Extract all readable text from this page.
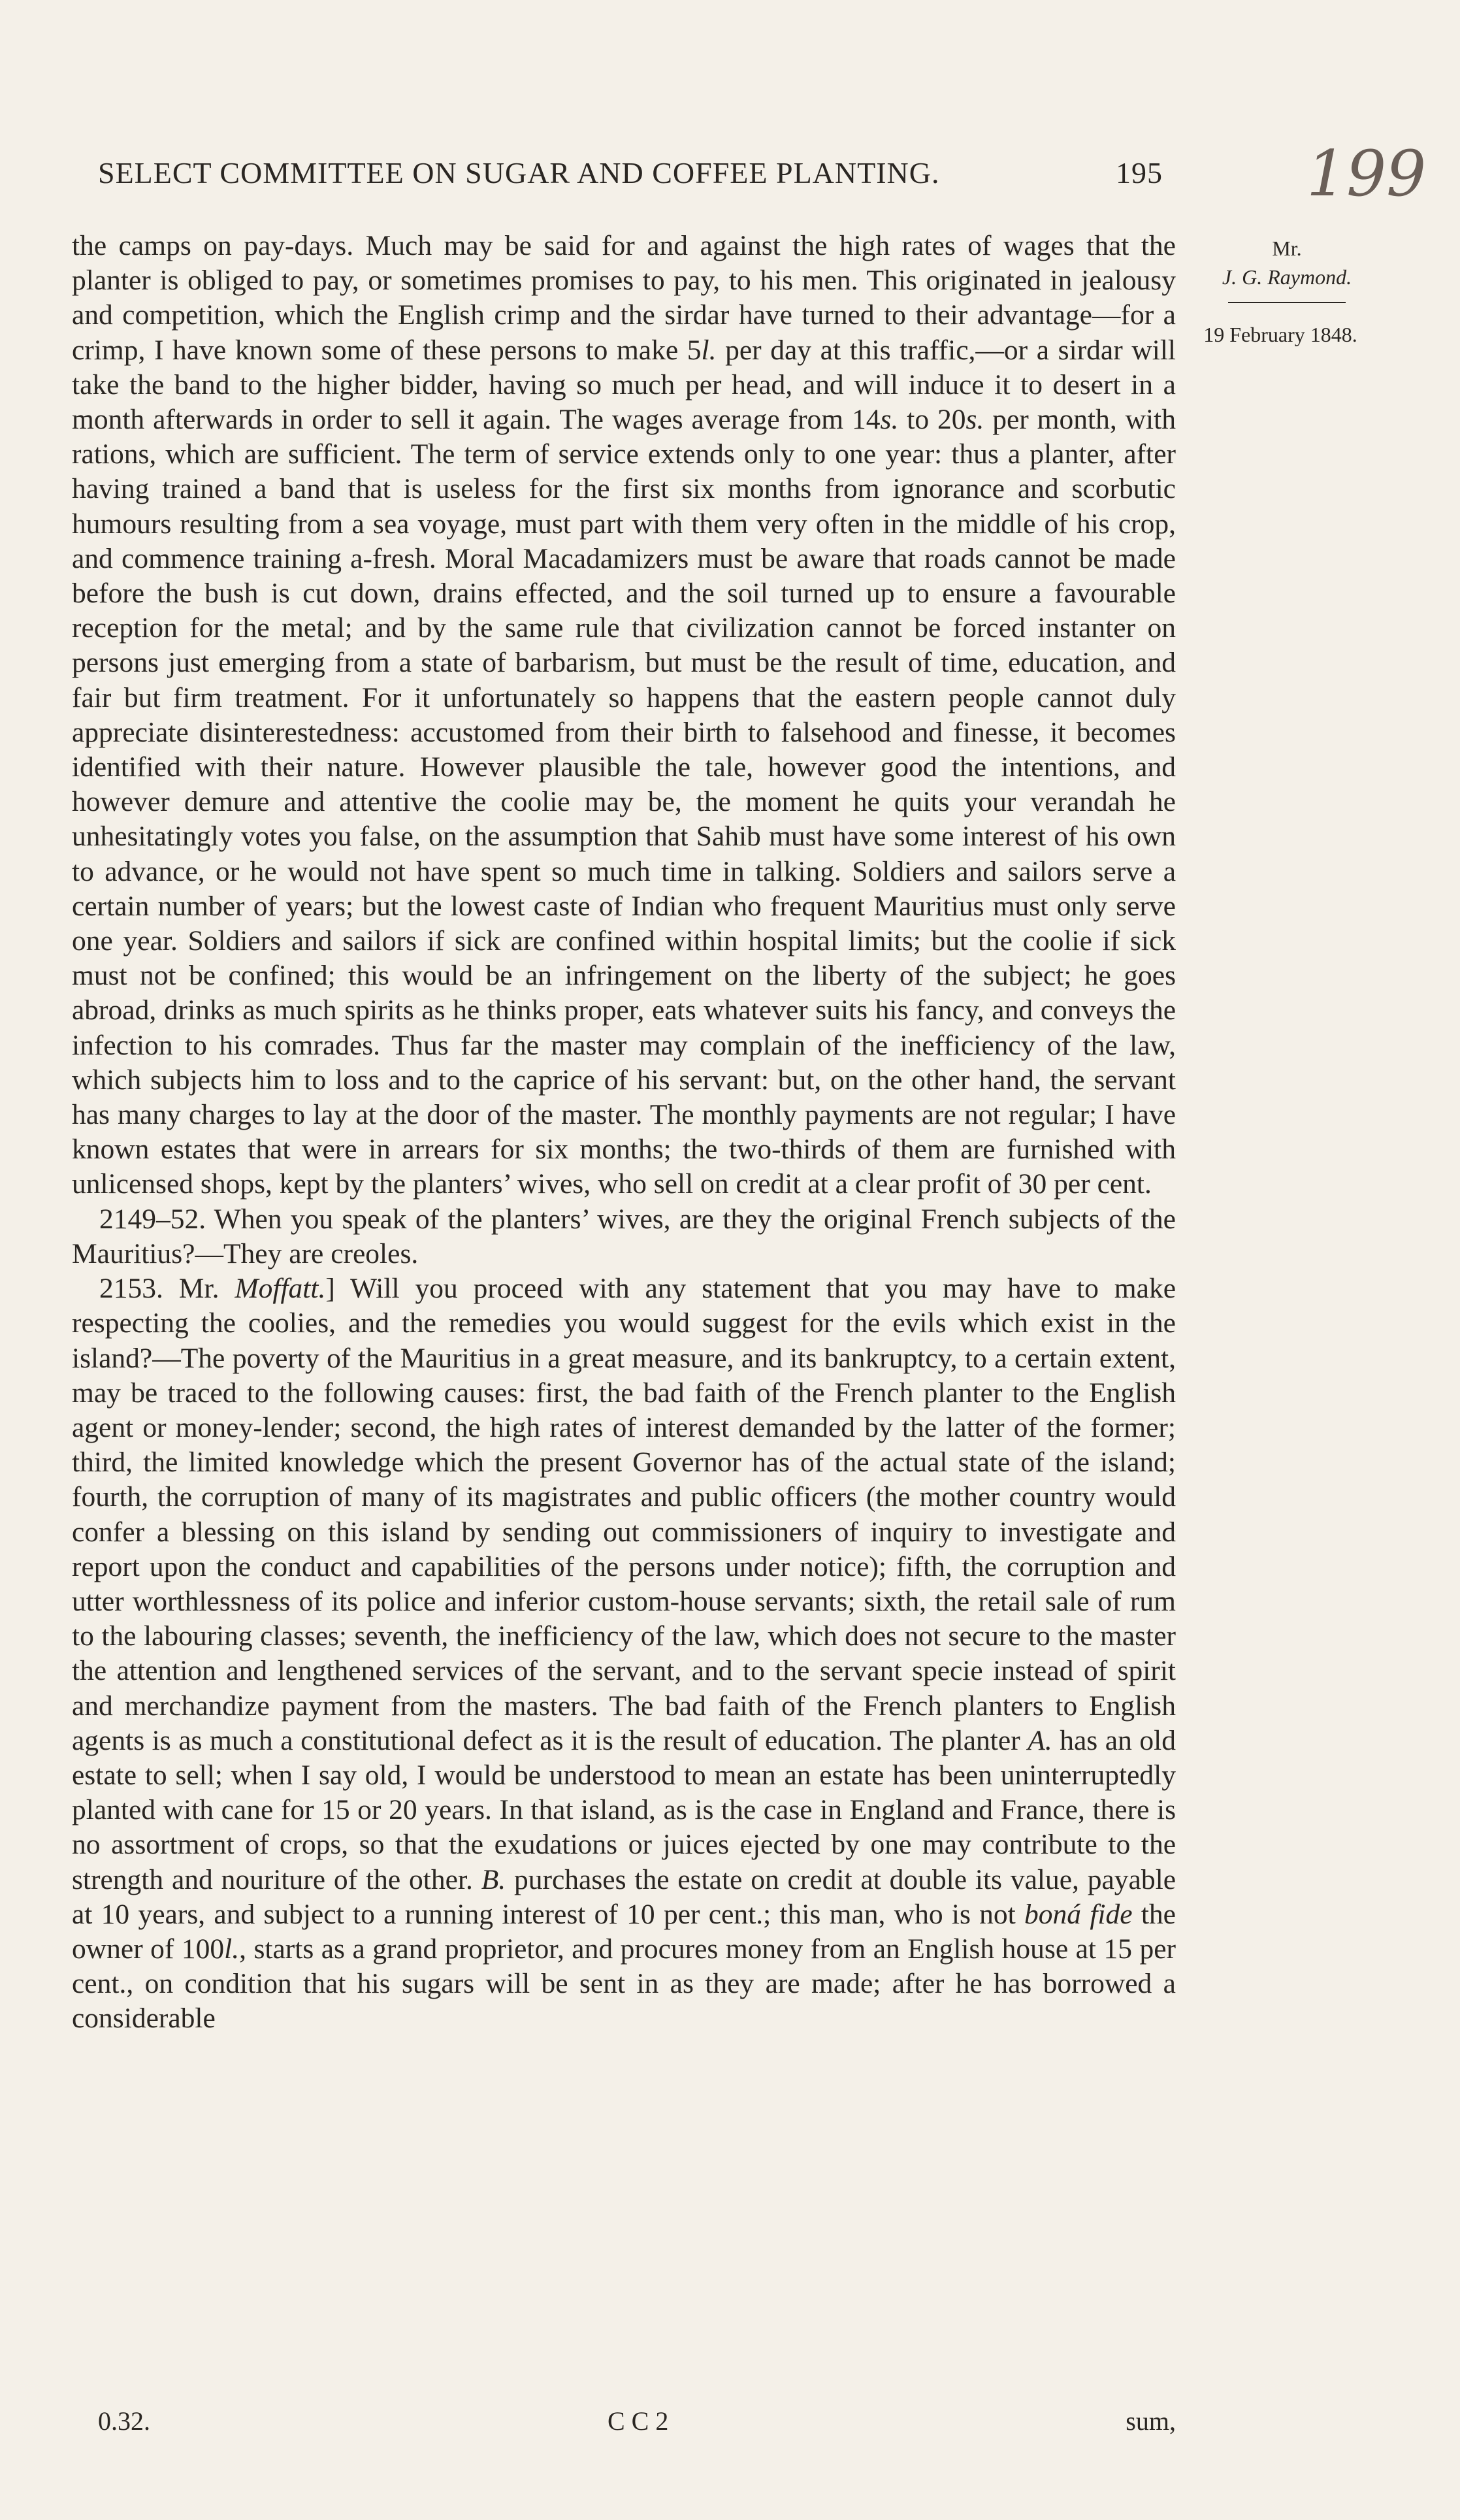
SELECT COMMITTEE ON SUGAR AND COFFEE PLANTING.	195 199
Mr.
J. G. Raymond.
19 February 1848.

the camps on pay-days. Much may be said for and against the high rates of wages that the planter is obliged to pay, or sometimes promises to pay, to his men. This originated in jealousy and competition, which the English crimp and the sirdar have turned to their advantage—for a crimp, I have known some of these persons to make 5l. per day at this traffic,—or a sirdar will take the band to the higher bidder, having so much per head, and will induce it to desert in a month afterwards in order to sell it again. The wages average from 14s. to 20s. per month, with rations, which are sufficient. The term of service extends only to one year: thus a planter, after having trained a band that is useless for the first six months from ignorance and scorbutic humours resulting from a sea voyage, must part with them very often in the middle of his crop, and commence training a-fresh. Moral Macadamizers must be aware that roads cannot be made before the bush is cut down, drains effected, and the soil turned up to ensure a favourable reception for the metal; and by the same rule that civilization cannot be forced instanter on persons just emerging from a state of barbarism, but must be the result of time, education, and fair but firm treatment. For it unfortunately so happens that the eastern people cannot duly appreciate disinterestedness: accustomed from their birth to falsehood and finesse, it becomes identified with their nature. However plausible the tale, however good the intentions, and however demure and attentive the coolie may be, the moment he quits your verandah he unhesitatingly votes you false, on the assumption that Sahib must have some interest of his own to advance, or he would not have spent so much time in talking. Soldiers and sailors serve a certain number of years; but the lowest caste of Indian who frequent Mauritius must only serve one year. Soldiers and sailors if sick are confined within hospital limits; but the coolie if sick must not be confined; this would be an infringement on the liberty of the subject; he goes abroad, drinks as much spirits as he thinks proper, eats whatever suits his fancy, and conveys the infection to his comrades. Thus far the master may complain of the inefficiency of the law, which subjects him to loss and to the caprice of his servant: but, on the other hand, the servant has many charges to lay at the door of the master. The monthly payments are not regular; I have known estates that were in arrears for six months; the two-thirds of them are furnished with unlicensed shops, kept by the planters’ wives, who sell on credit at a clear profit of 30 per cent.

2149–52. When you speak of the planters’ wives, are they the original French subjects of the Mauritius?—They are creoles.

2153. Mr. Moffatt.] Will you proceed with any statement that you may have to make respecting the coolies, and the remedies you would suggest for the evils which exist in the island?—The poverty of the Mauritius in a great measure, and its bankruptcy, to a certain extent, may be traced to the following causes: first, the bad faith of the French planter to the English agent or money-lender; second, the high rates of interest demanded by the latter of the former; third, the limited knowledge which the present Governor has of the actual state of the island; fourth, the corruption of many of its magistrates and public officers (the mother country would confer a blessing on this island by sending out commissioners of inquiry to investigate and report upon the conduct and capabilities of the persons under notice); fifth, the corruption and utter worthlessness of its police and inferior custom-house servants; sixth, the retail sale of rum to the labouring classes; seventh, the inefficiency of the law, which does not secure to the master the attention and lengthened services of the servant, and to the servant specie instead of spirit and merchandize payment from the masters. The bad faith of the French planters to English agents is as much a constitutional defect as it is the result of education. The planter A. has an old estate to sell; when I say old, I would be understood to mean an estate has been uninterruptedly planted with cane for 15 or 20 years. In that island, as is the case in England and France, there is no assortment of crops, so that the exudations or juices ejected by one may contribute to the strength and nouriture of the other. B. purchases the estate on credit at double its value, payable at 10 years, and subject to a running interest of 10 per cent.; this man, who is not boná fide the owner of 100l., starts as a grand proprietor, and procures money from an English house at 15 per cent., on condition that his sugars will be sent in as they are made; after he has borrowed a considerable

0.32.	C C 2	sum,
